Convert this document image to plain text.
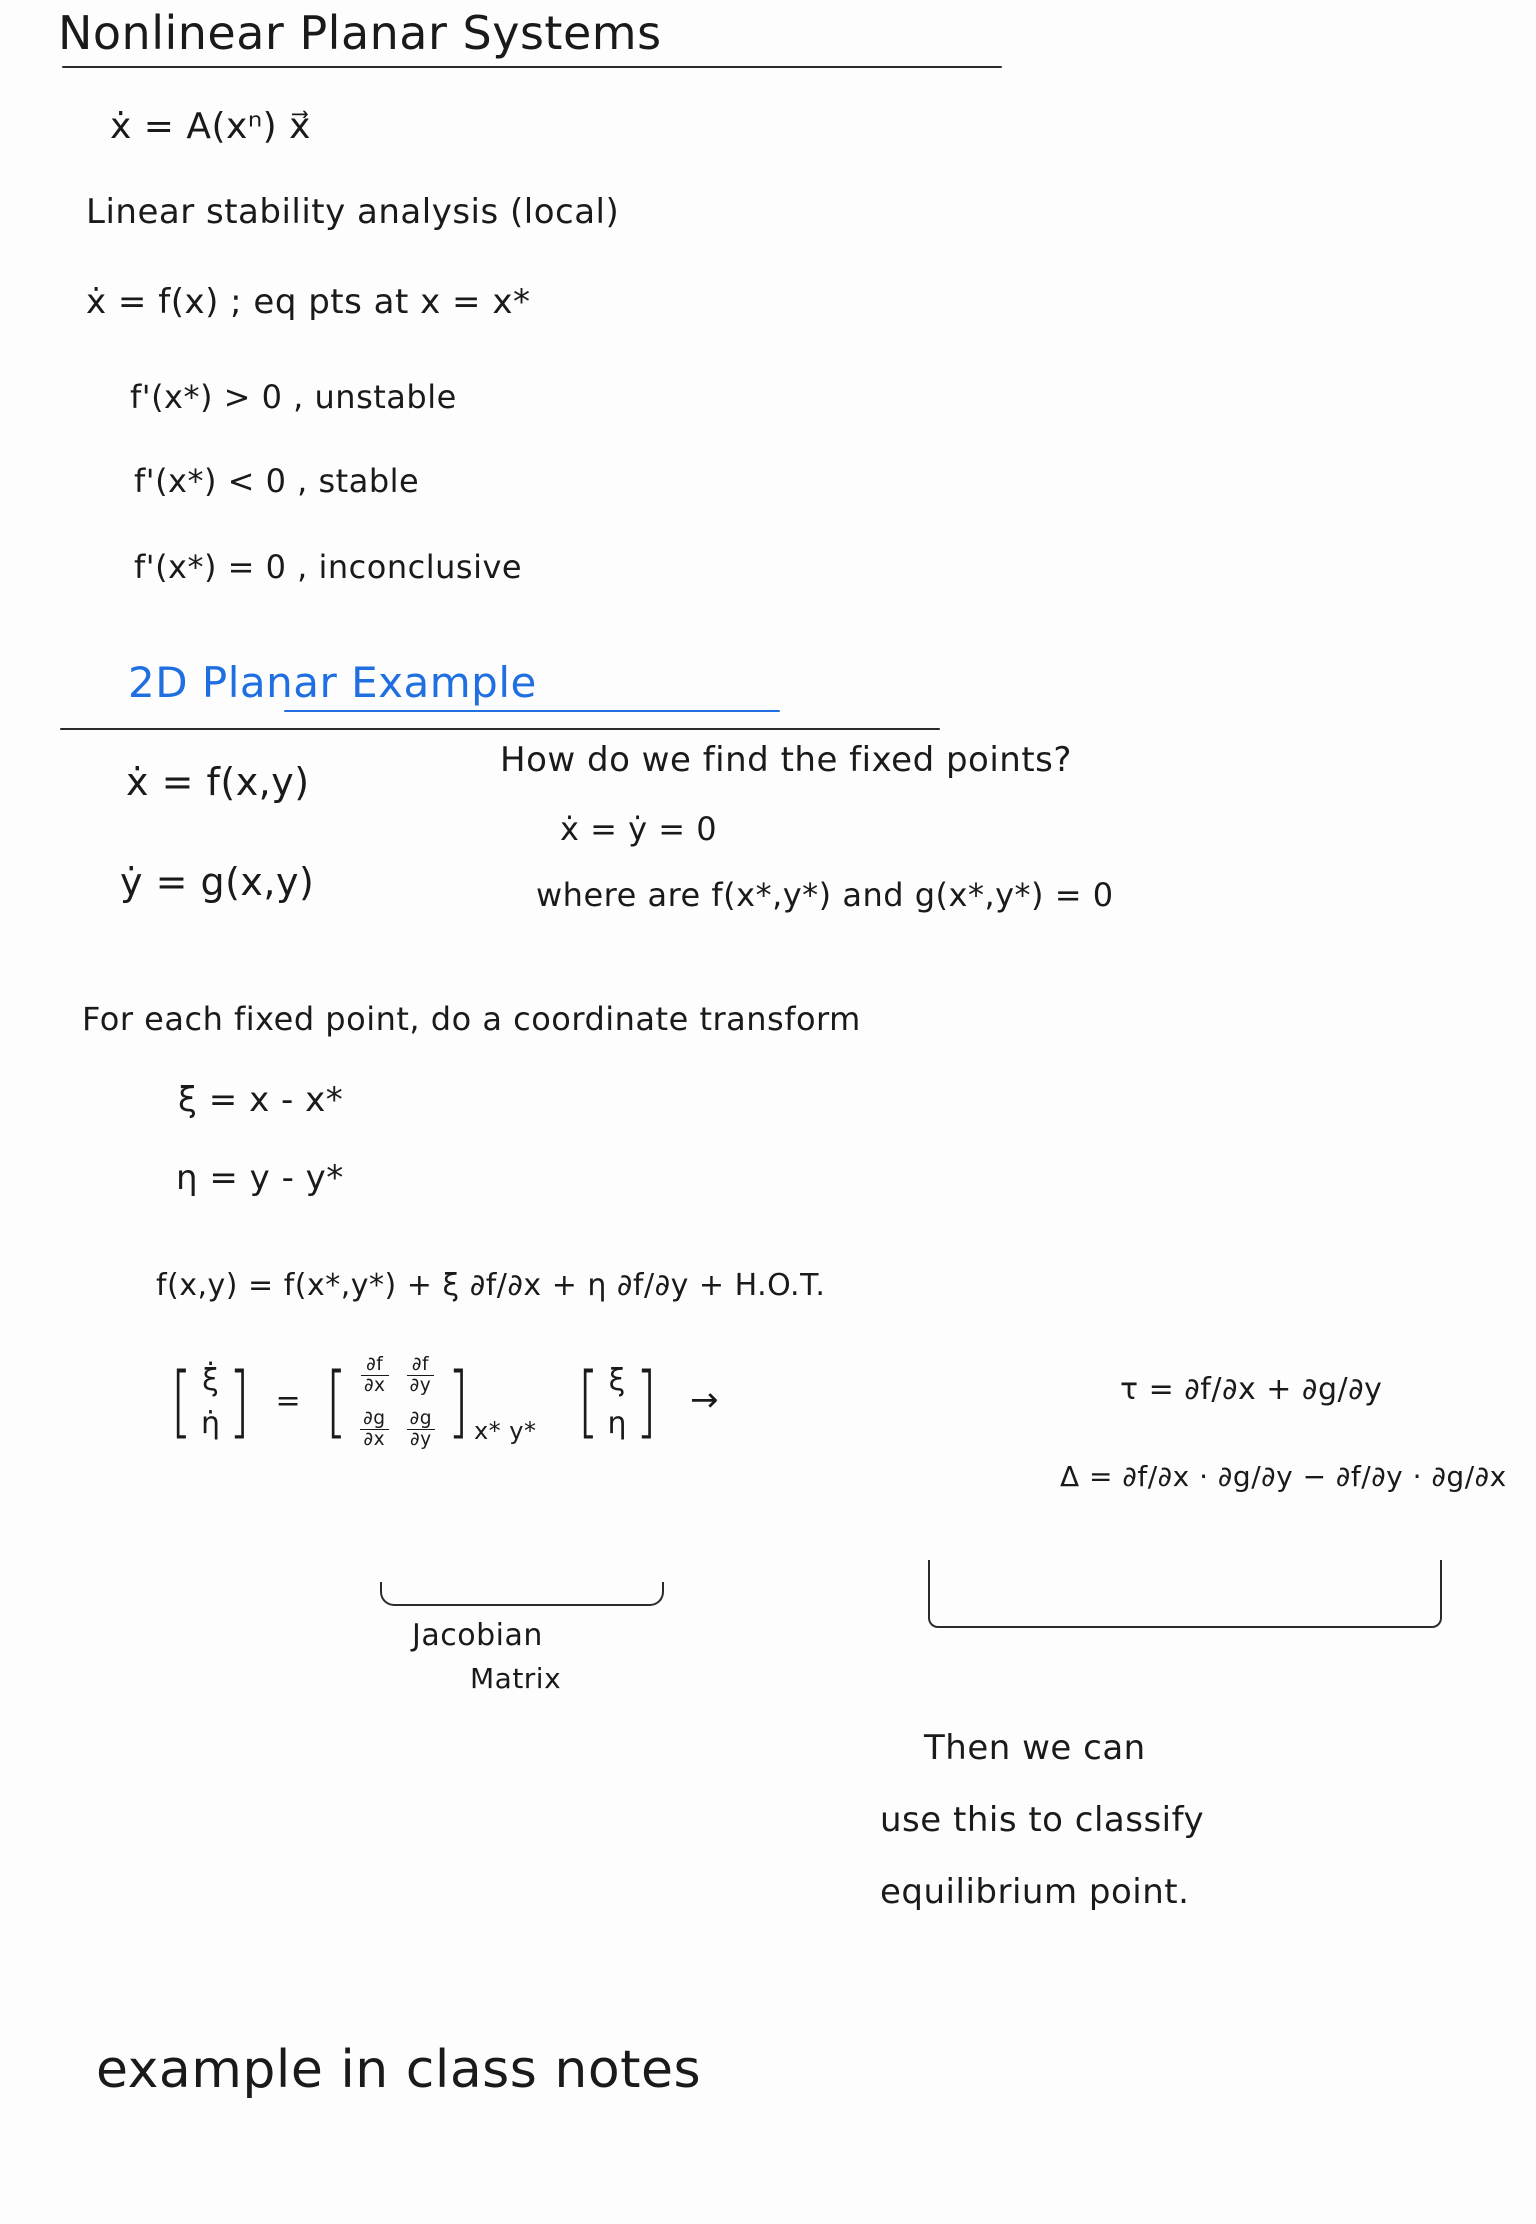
Nonlinear Planar Systems
ẋ = A(xⁿ) x⃗
Linear stability analysis (local)
ẋ = f(x) ; eq pts at x = x*
f'(x*) > 0 , unstable
f'(x*) < 0 , stable
f'(x*) = 0 , inconclusive
2D Planar Example
ẋ = f(x,y)
ẏ = g(x,y)
How do we find the fixed points?
ẋ = ẏ = 0
where are f(x*,y*) and g(x*,y*) = 0
For each fixed point, do a coordinate transform
ξ = x - x*
η = y - y*
f(x,y) = f(x*,y*) + ξ ∂f/∂x + η ∂f/∂y + H.O.T.
[ ξ̇
η̇ ] = [ $\frac{\partial f}{\partial x}$
$\frac{\partial f}{\partial y}$
$\frac{\partial g}{\partial x}$
$\frac{\partial g}{\partial y}$ ] x* y*
[ ξ
η ] →	τ = ∂f/∂x + ∂g/∂y
Δ = ∂f/∂x · ∂g/∂y − ∂f/∂y · ∂g/∂x
Jacobian
Matrix
Then we can
use this to classify
equilibrium point.
example in class notes
